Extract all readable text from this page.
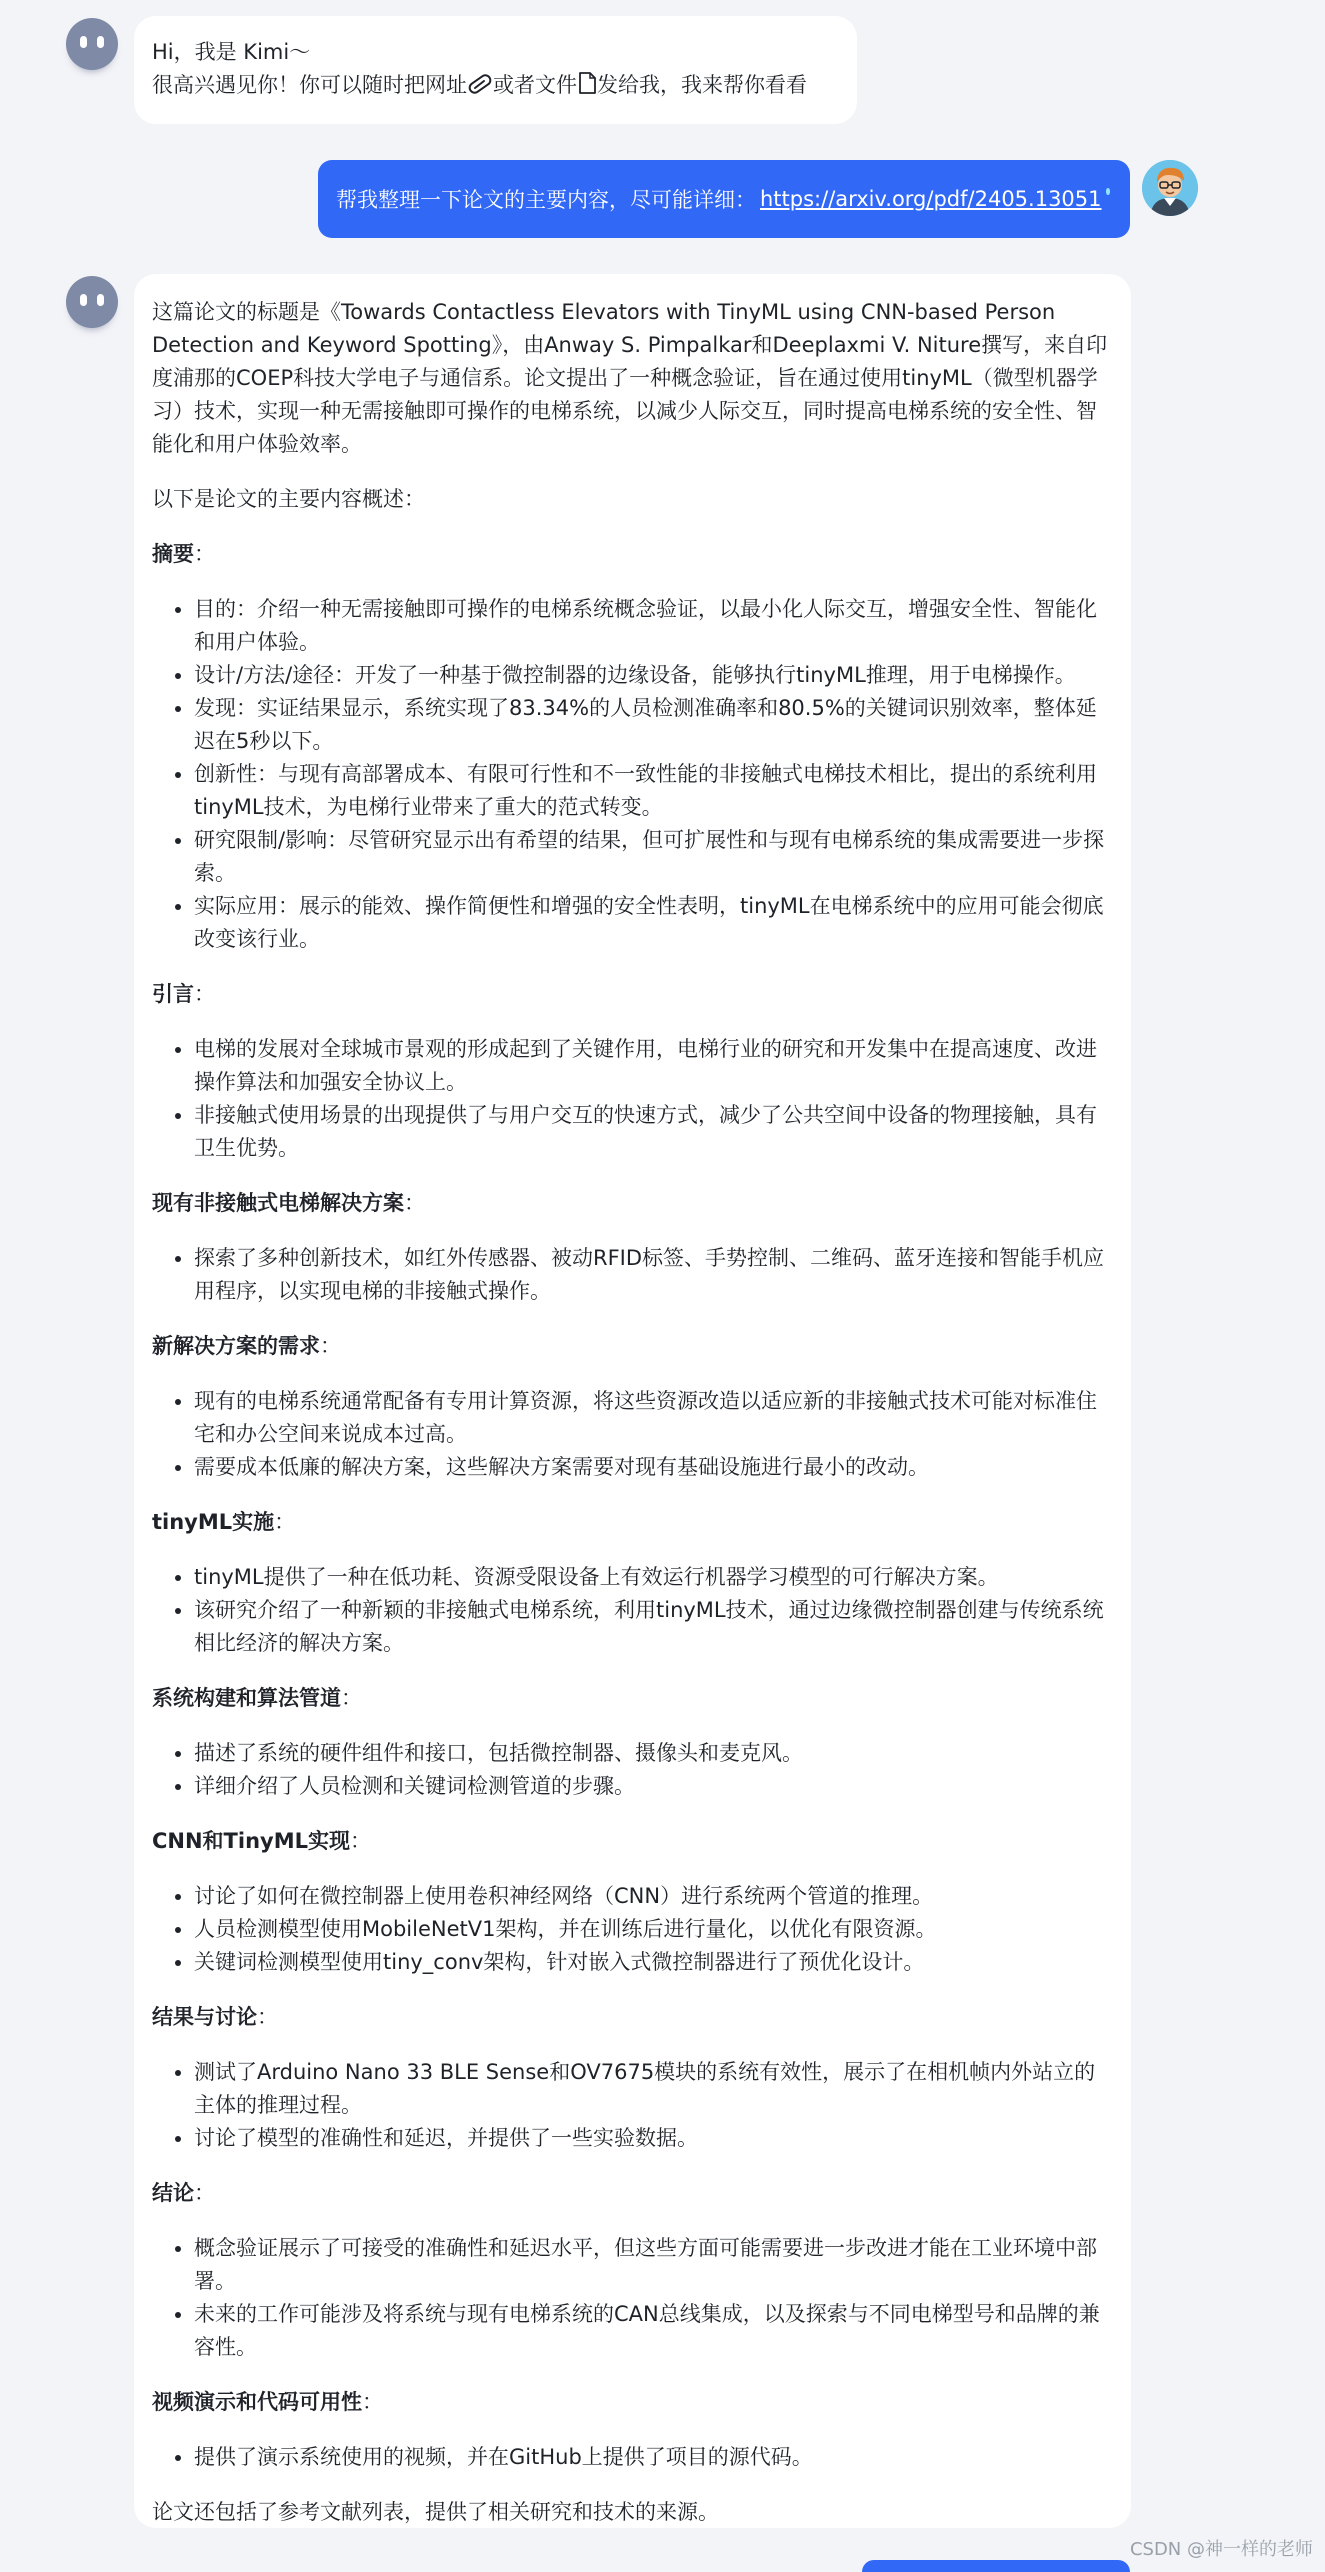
Hi，我是 Kimi～
很高兴遇见你！你可以随时把网址 或者文件 发给我，我来帮你看看
帮我整理一下论文的主要内容，尽可能详细： https://arxiv.org/pdf/2405.13051

这篇论文的标题是《Towards Contactless Elevators with TinyML using CNN-based Person Detection and Keyword Spotting》，由Anway S. Pimpalkar和Deeplaxmi V. Niture撰写，来自印度浦那的COEP科技大学电子与通信系。论文提出了一种概念验证，旨在通过使用tinyML（微型机器学习）技术，实现一种无需接触即可操作的电梯系统，以减少人际交互，同时提高电梯系统的安全性、智能化和用户体验效率。

以下是论文的主要内容概述：

摘要：
• 目的：介绍一种无需接触即可操作的电梯系统概念验证，以最小化人际交互，增强安全性、智能化和用户体验。
• 设计/方法/途径：开发了一种基于微控制器的边缘设备，能够执行tinyML推理，用于电梯操作。
• 发现：实证结果显示，系统实现了83.34%的人员检测准确率和80.5%的关键词识别效率，整体延迟在5秒以下。
• 创新性：与现有高部署成本、有限可行性和不一致性能的非接触式电梯技术相比，提出的系统利用tinyML技术，为电梯行业带来了重大的范式转变。
• 研究限制/影响：尽管研究显示出有希望的结果，但可扩展性和与现有电梯系统的集成需要进一步探索。
• 实际应用：展示的能效、操作简便性和增强的安全性表明，tinyML在电梯系统中的应用可能会彻底改变该行业。
引言：
• 电梯的发展对全球城市景观的形成起到了关键作用，电梯行业的研究和开发集中在提高速度、改进操作算法和加强安全协议上。
• 非接触式使用场景的出现提供了与用户交互的快速方式，减少了公共空间中设备的物理接触，具有卫生优势。
现有非接触式电梯解决方案：
• 探索了多种创新技术，如红外传感器、被动RFID标签、手势控制、二维码、蓝牙连接和智能手机应用程序，以实现电梯的非接触式操作。
新解决方案的需求：
• 现有的电梯系统通常配备有专用计算资源，将这些资源改造以适应新的非接触式技术可能对标准住宅和办公空间来说成本过高。
• 需要成本低廉的解决方案，这些解决方案需要对现有基础设施进行最小的改动。
tinyML实施：
• tinyML提供了一种在低功耗、资源受限设备上有效运行机器学习模型的可行解决方案。
• 该研究介绍了一种新颖的非接触式电梯系统，利用tinyML技术，通过边缘微控制器创建与传统系统相比经济的解决方案。
系统构建和算法管道：
• 描述了系统的硬件组件和接口，包括微控制器、摄像头和麦克风。
• 详细介绍了人员检测和关键词检测管道的步骤。
CNN和TinyML实现：
• 讨论了如何在微控制器上使用卷积神经网络（CNN）进行系统两个管道的推理。
• 人员检测模型使用MobileNetV1架构，并在训练后进行量化，以优化有限资源。
• 关键词检测模型使用tiny_conv架构，针对嵌入式微控制器进行了预优化设计。
结果与讨论：
• 测试了Arduino Nano 33 BLE Sense和OV7675模块的系统有效性，展示了在相机帧内外站立的主体的推理过程。
• 讨论了模型的准确性和延迟，并提供了一些实验数据。
结论：
• 概念验证展示了可接受的准确性和延迟水平，但这些方面可能需要进一步改进才能在工业环境中部署。
• 未来的工作可能涉及将系统与现有电梯系统的CAN总线集成，以及探索与不同电梯型号和品牌的兼容性。
视频演示和代码可用性：
• 提供了演示系统使用的视频，并在GitHub上提供了项目的源代码。

论文还包括了参考文献列表，提供了相关研究和技术的来源。

CSDN @神一样的老师
